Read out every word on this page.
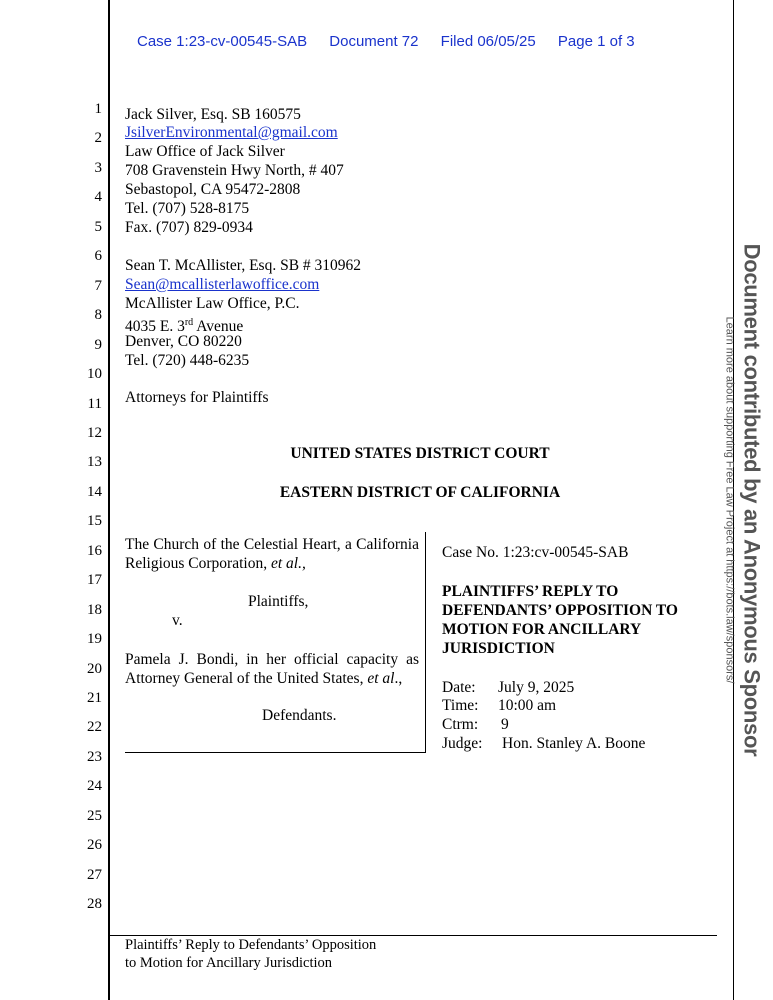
Case 1:23-cv-00545-SAB Document 72 Filed 06/05/25 Page 1 of 3
1
2
3
4
5
6
7
8
9
10
11
12
13
14
15
16
17
18
19
20
21
22
23
24
25
26
27
28
Jack Silver, Esq. SB 160575
JsilverEnvironmental@gmail.com
Law Office of Jack Silver
708 Gravenstein Hwy North, # 407
Sebastopol, CA 95472-2808
Tel. (707) 528-8175
Fax. (707) 829-0934
Sean T. McAllister, Esq. SB # 310962
Sean@mcallisterlawoffice.com
McAllister Law Office, P.C.
4035 E. 3rd Avenue
Denver, CO 80220
Tel. (720) 448-6235
Attorneys for Plaintiffs
UNITED STATES DISTRICT COURT
EASTERN DISTRICT OF CALIFORNIA
The Church of the Celestial Heart, a California Religious Corporation, et al.,
Plaintiffs,
v.
Pamela J. Bondi, in her official capacity as Attorney General of the United States, et al.,
Defendants.
Case No. 1:23:cv-00545-SAB
PLAINTIFFS’ REPLY TO
DEFENDANTS’ OPPOSITION TO
MOTION FOR ANCILLARY
JURISDICTION
Date: July 9, 2025
Time: 10:00 am
Ctrm: 9
Judge: Hon. Stanley A. Boone
Plaintiffs’ Reply to Defendants’ Opposition
to Motion for Ancillary Jurisdiction
Document contributed by an Anonymous Sponsor
Learn more about supporting Free Law Project at https://bots.law/sponsors/
